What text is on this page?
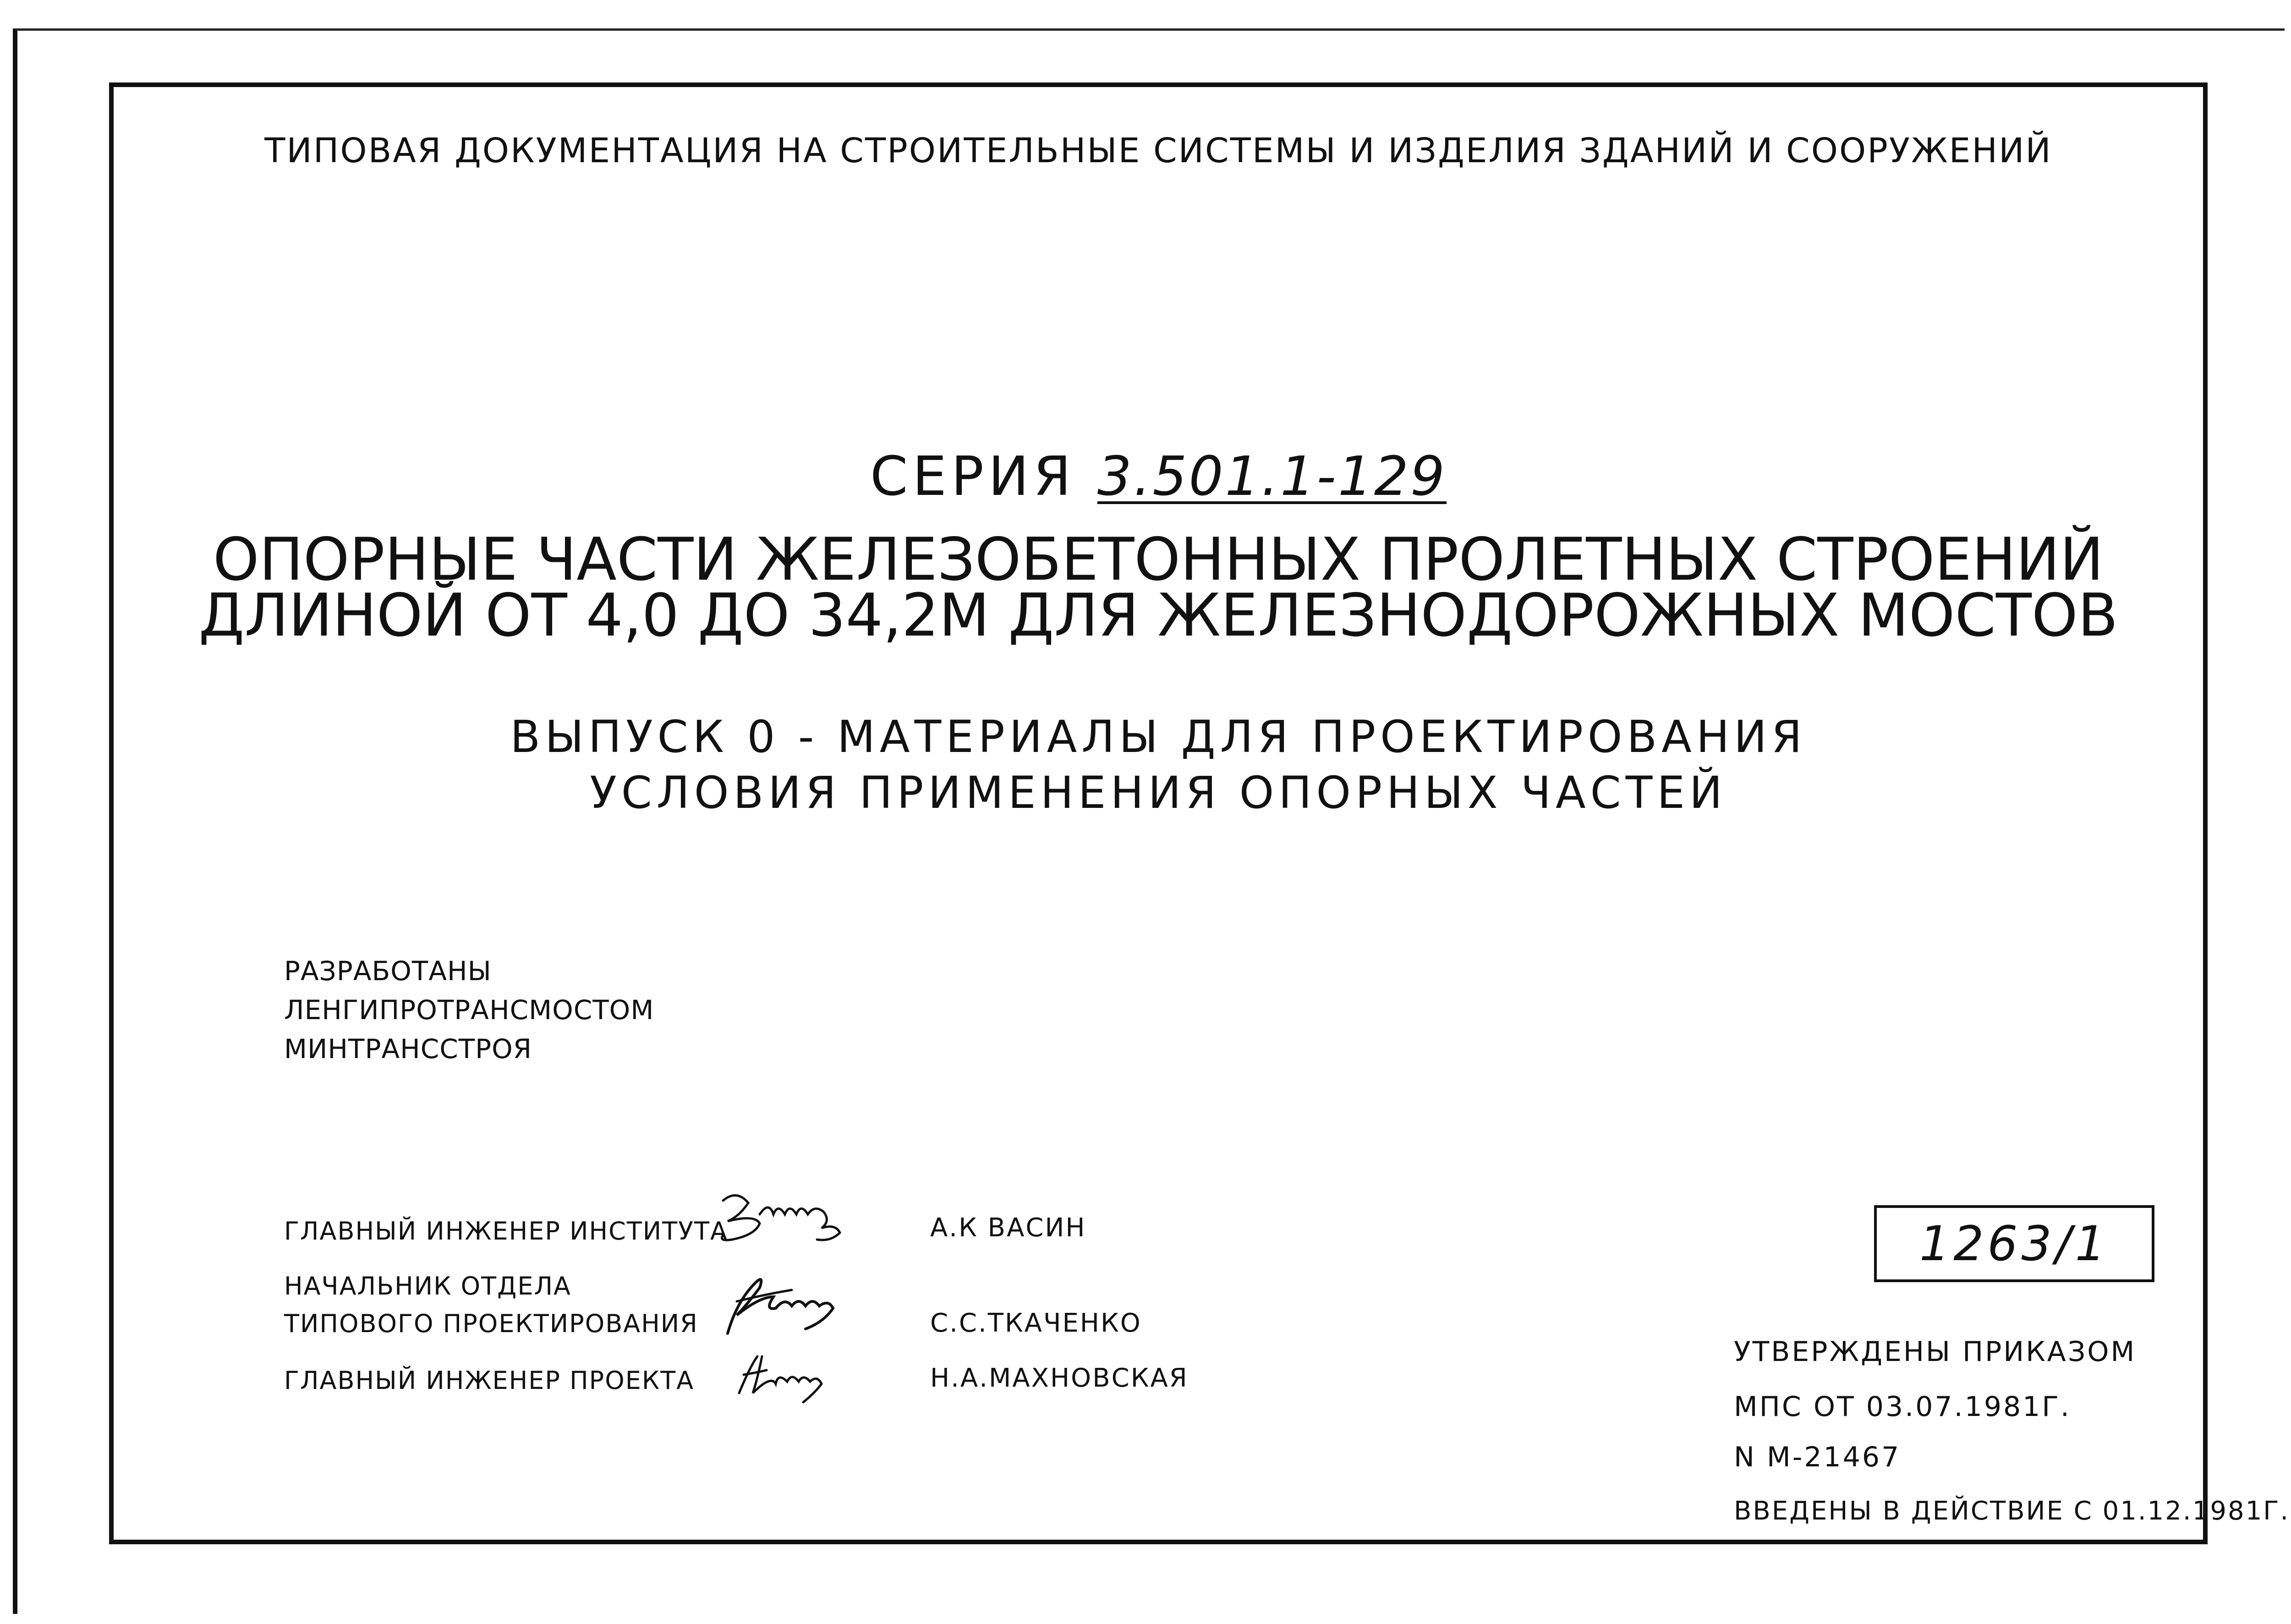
ТИПОВАЯ ДОКУМЕНТАЦИЯ НА СТРОИТЕЛЬНЫЕ СИСТЕМЫ И ИЗДЕЛИЯ ЗДАНИЙ И СООРУЖЕНИЙ
СЕРИЯ 3.501.1-129
ОПОРНЫЕ ЧАСТИ ЖЕЛЕЗОБЕТОННЫХ ПРОЛЕТНЫХ СТРОЕНИЙ
ДЛИНОЙ ОТ 4,0 ДО 34,2М ДЛЯ ЖЕЛЕЗНОДОРОЖНЫХ МОСТОВ
ВЫПУСК 0 - МАТЕРИАЛЫ ДЛЯ ПРОЕКТИРОВАНИЯ
УСЛОВИЯ ПРИМЕНЕНИЯ ОПОРНЫХ ЧАСТЕЙ
РАЗРАБОТАНЫ
ЛЕНГИПРОТРАНСМОСТОМ
МИНТРАНССТРОЯ
ГЛАВНЫЙ ИНЖЕНЕР ИНСТИТУТА	А.К ВАСИН
НАЧАЛЬНИК ОТДЕЛА
ТИПОВОГО ПРОЕКТИРОВАНИЯ	С.С.ТКАЧЕНКО
ГЛАВНЫЙ ИНЖЕНЕР ПРОЕКТА	Н.А.МАХНОВСКАЯ
1263/1
УТВЕРЖДЕНЫ ПРИКАЗОМ
МПС ОТ 03.07.1981Г.
N М-21467
ВВЕДЕНЫ В ДЕЙСТВИЕ С 01.12.1981Г.
